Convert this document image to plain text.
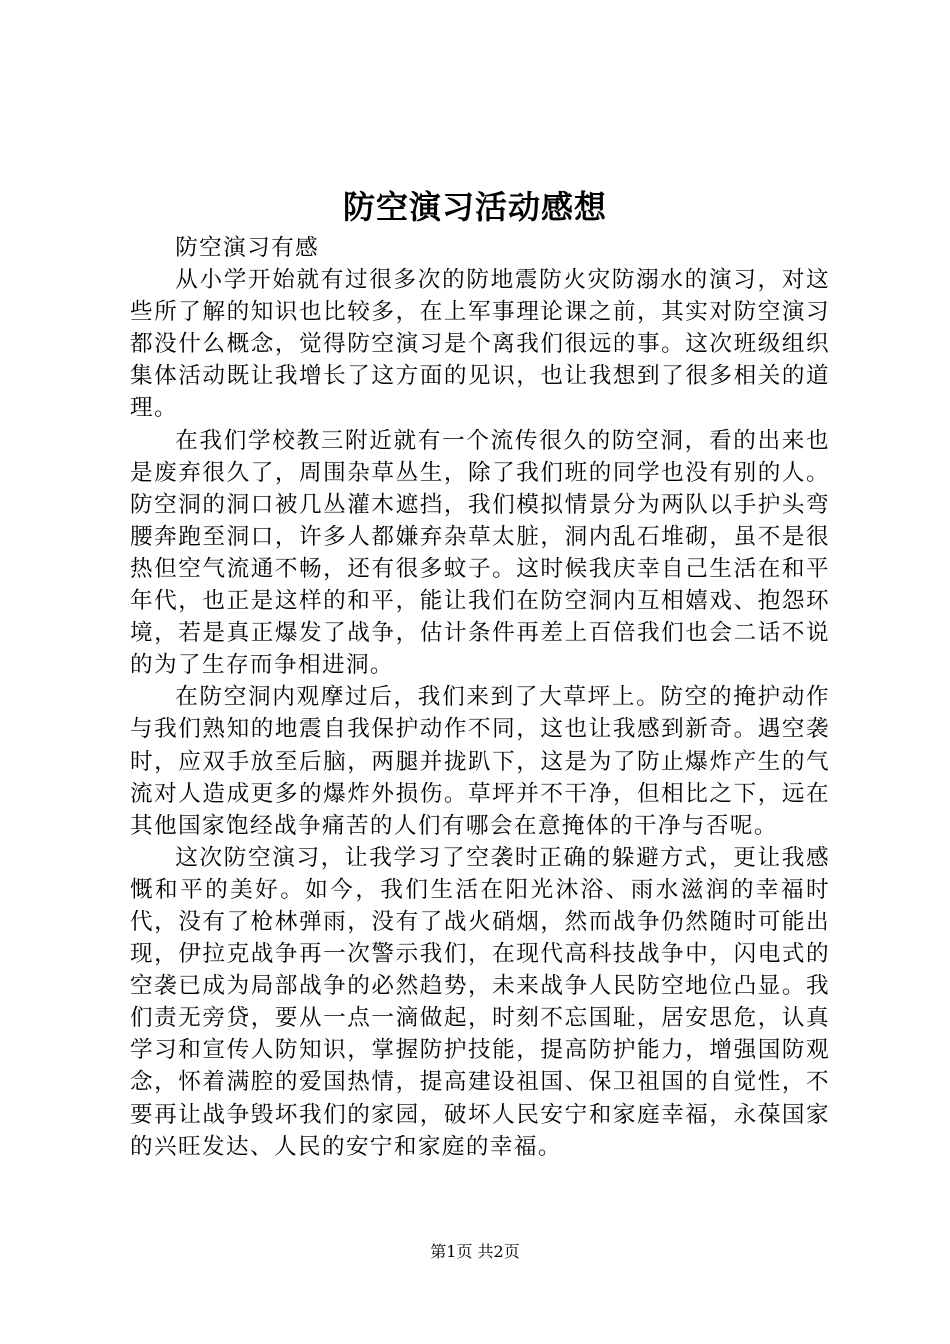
防空演习活动感想

防空演习有感

从小学开始就有过很多次的防地震防火灾防溺水的演习，对这些所了解的知识也比较多，在上军事理论课之前，其实对防空演习都没什么概念，觉得防空演习是个离我们很远的事。这次班级组织集体活动既让我增长了这方面的见识，也让我想到了很多相关的道理。

在我们学校教三附近就有一个流传很久的防空洞，看的出来也是废弃很久了，周围杂草丛生，除了我们班的同学也没有别的人。防空洞的洞口被几丛灌木遮挡，我们模拟情景分为两队以手护头弯腰奔跑至洞口，许多人都嫌弃杂草太脏，洞内乱石堆砌，虽不是很热但空气流通不畅，还有很多蚊子。这时候我庆幸自己生活在和平年代，也正是这样的和平，能让我们在防空洞内互相嬉戏、抱怨环境，若是真正爆发了战争，估计条件再差上百倍我们也会二话不说的为了生存而争相进洞。

在防空洞内观摩过后，我们来到了大草坪上。防空的掩护动作与我们熟知的地震自我保护动作不同，这也让我感到新奇。遇空袭时，应双手放至后脑，两腿并拢趴下，这是为了防止爆炸产生的气流对人造成更多的爆炸外损伤。草坪并不干净，但相比之下，远在其他国家饱经战争痛苦的人们有哪会在意掩体的干净与否呢。

这次防空演习，让我学习了空袭时正确的躲避方式，更让我感慨和平的美好。如今，我们生活在阳光沐浴、雨水滋润的幸福时代，没有了枪林弹雨，没有了战火硝烟，然而战争仍然随时可能出现，伊拉克战争再一次警示我们，在现代高科技战争中，闪电式的空袭已成为局部战争的必然趋势，未来战争人民防空地位凸显。我们责无旁贷，要从一点一滴做起，时刻不忘国耻，居安思危，认真学习和宣传人防知识，掌握防护技能，提高防护能力，增强国防观念，怀着满腔的爱国热情，提高建设祖国、保卫祖国的自觉性，不要再让战争毁坏我们的家园，破坏人民安宁和家庭幸福，永葆国家的兴旺发达、人民的安宁和家庭的幸福。

第1页 共2页
